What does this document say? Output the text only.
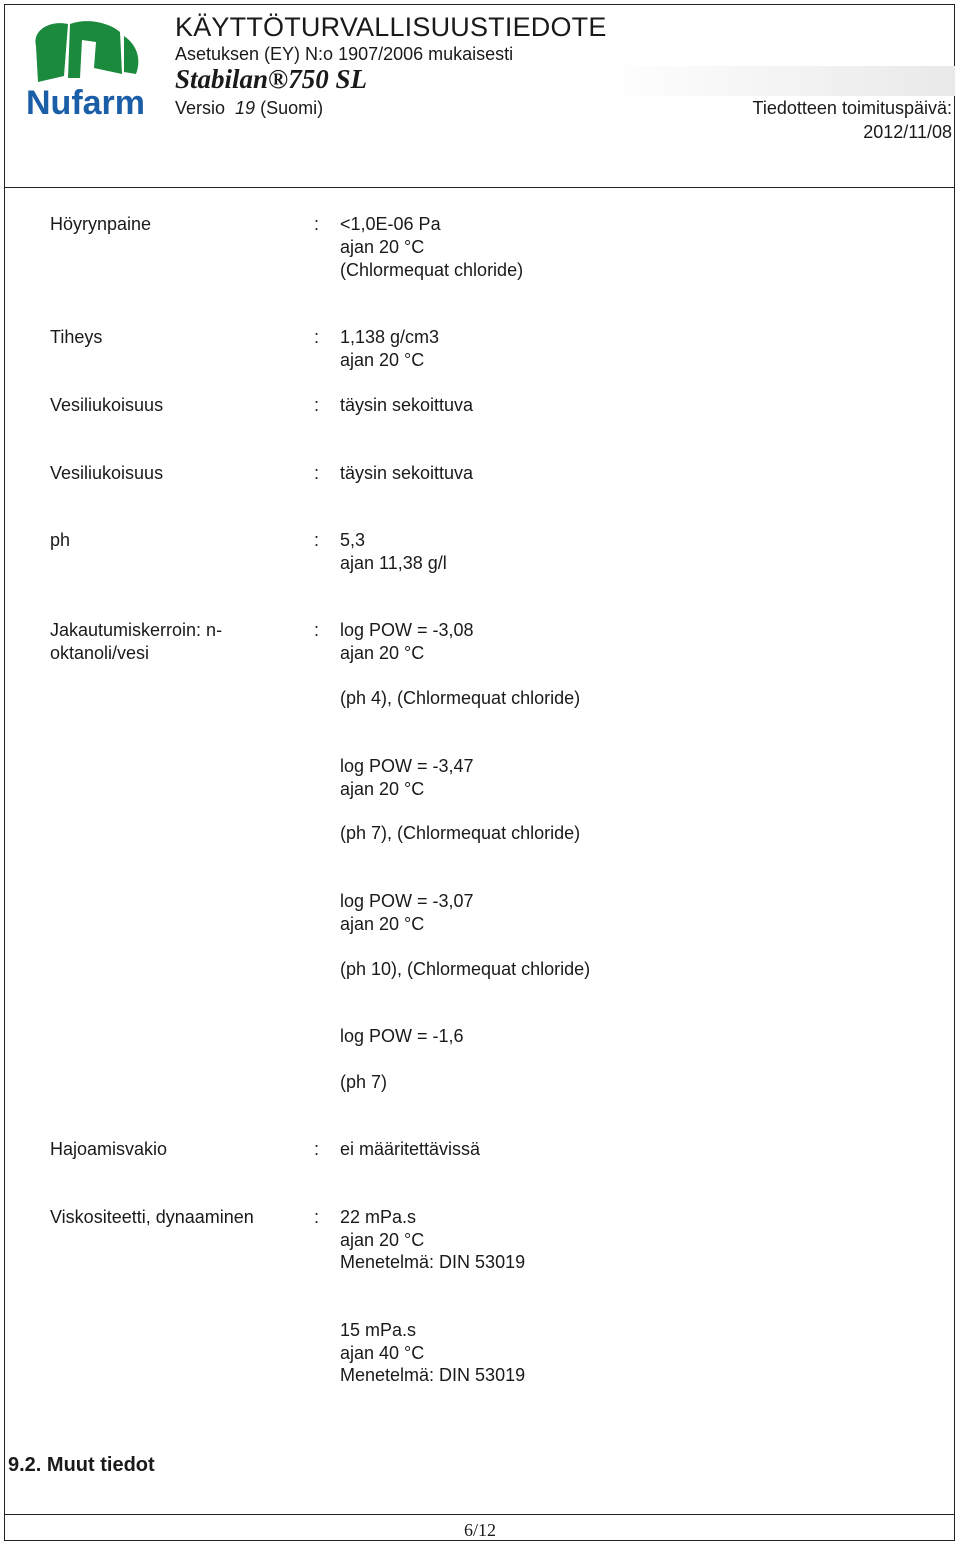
Nufarm
KÄYTTÖTURVALLISUUSTIEDOTE
Asetuksen (EY) N:o 1907/2006 mukaisesti
Stabilan®750 SL
Versio 19 (Suomi)	Tiedotteen toimituspäivä:
2012/11/08
Höyrynpaine	: <1,0E-06 Pa
ajan 20 °C
(Chlormequat chloride)
Tiheys	: 1,138 g/cm3
ajan 20 °C
Vesiliukoisuus	: täysin sekoittuva
Vesiliukoisuus	: täysin sekoittuva
ph	: 5,3
ajan 11,38 g/l
Jakautumiskerroin: n-
oktanoli/vesi
: log POW = -3,08
ajan 20 °C
(ph 4), (Chlormequat chloride)
log POW = -3,47
ajan 20 °C
(ph 7), (Chlormequat chloride)
log POW = -3,07
ajan 20 °C
(ph 10), (Chlormequat chloride)
log POW = -1,6
(ph 7)
Hajoamisvakio	: ei määritettävissä
Viskositeetti, dynaaminen	: 22 mPa.s
ajan 20 °C
Menetelmä: DIN 53019
15 mPa.s
ajan 40 °C
Menetelmä: DIN 53019
9.2. Muut tiedot
6/12
